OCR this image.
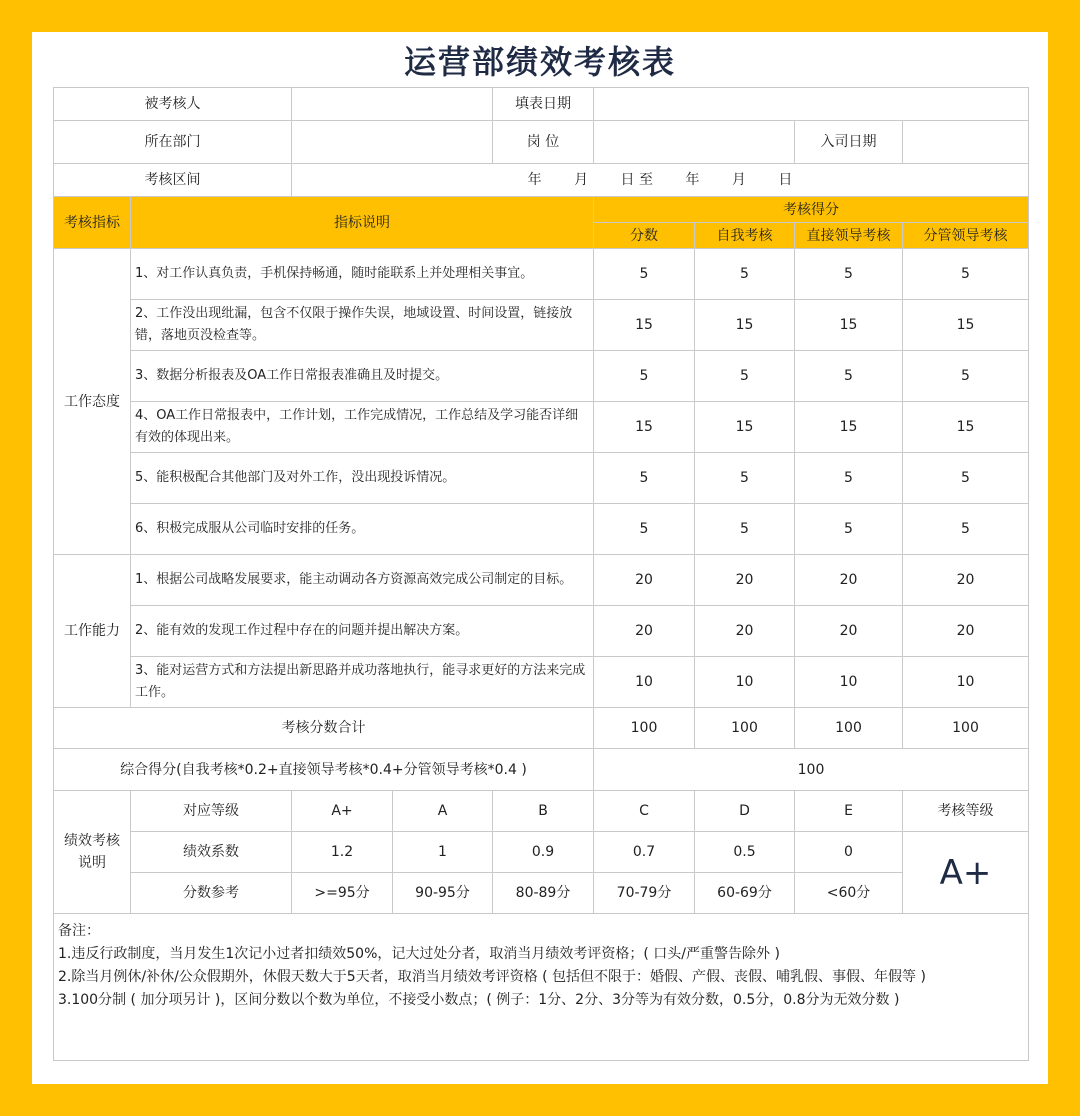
运营部绩效考核表
被考核人				填表日期				
所在部门				岗 位			入司日期	
考核区间		年 月 日 至 年 月 日						
考核指标	指标说明				考核得分			
					分数	自我考核	直接领导考核	分管领导考核
工作态度	1、对工作认真负责，手机保持畅通，随时能联系上并处理相关事宜。				5	5	5	5
	2、工作没出现纰漏，包含不仅限于操作失误，地域设置、时间设置，链接放错，落地页没检查等。				15	15	15	15
	3、数据分析报表及OA工作日常报表准确且及时提交。				5	5	5	5
	4、OA工作日常报表中，工作计划，工作完成情况，工作总结及学习能否详细有效的体现出来。				15	15	15	15
	5、能积极配合其他部门及对外工作，没出现投诉情况。				5	5	5	5
	6、积极完成服从公司临时安排的任务。				5	5	5	5
工作能力	1、根据公司战略发展要求，能主动调动各方资源高效完成公司制定的目标。				20	20	20	20
	2、能有效的发现工作过程中存在的问题并提出解决方案。				20	20	20	20
	3、能对运营方式和方法提出新思路并成功落地执行，能寻求更好的方法来完成工作。				10	10	10	10
考核分数合计					100	100	100	100
综合得分(自我考核*0.2+直接领导考核*0.4+分管领导考核*0.4 )					100			

绩效考核说明	对应等级	A+	A	B	C	D	E	考核等级
	绩效系数	1.2	1	0.9	0.7	0.5	0	A+
	分数参考	>=95分	90-95分	80-89分	70-79分	60-69分	<60分	

备注：
1.违反行政制度，当月发生1次记小过者扣绩效50%，记大过处分者，取消当月绩效考评资格；( 口头/严重警告除外 )
2.除当月例休/补休/公众假期外，休假天数大于5天者，取消当月绩效考评资格 ( 包括但不限于：婚假、产假、丧假、哺乳假、事假、年假等 )
3.100分制 ( 加分项另计 )，区间分数以个数为单位，不接受小数点；( 例子：1分、2分、3分等为有效分数，0.5分，0.8分为无效分数 )								
